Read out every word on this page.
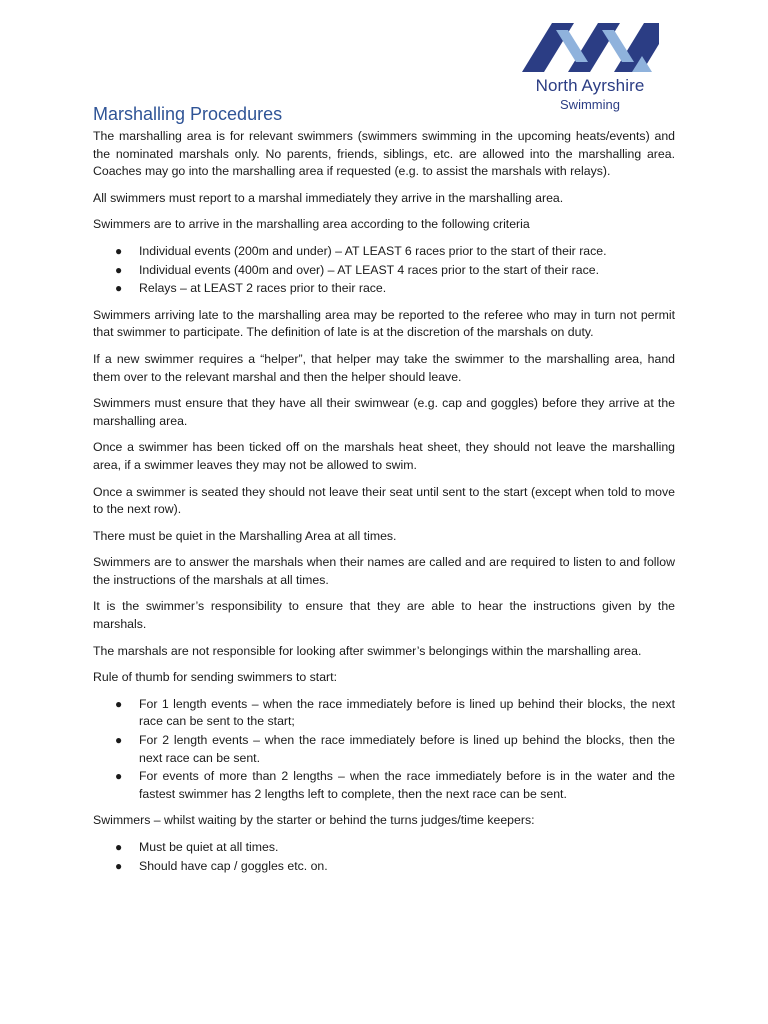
North Ayrshire
Swimming
Marshalling Procedures

The marshalling area is for relevant swimmers (swimmers swimming in the upcoming heats/events) and the nominated marshals only. No parents, friends, siblings, etc. are allowed into the marshalling area. Coaches may go into the marshalling area if requested (e.g. to assist the marshals with relays).

All swimmers must report to a marshal immediately they arrive in the marshalling area.

Swimmers are to arrive in the marshalling area according to the following criteria

● Individual events (200m and under) – AT LEAST 6 races prior to the start of their race.
● Individual events (400m and over) – AT LEAST 4 races prior to the start of their race.
● Relays – at LEAST 2 races prior to their race.

Swimmers arriving late to the marshalling area may be reported to the referee who may in turn not permit that swimmer to participate. The definition of late is at the discretion of the marshals on duty.

If a new swimmer requires a “helper”, that helper may take the swimmer to the marshalling area, hand them over to the relevant marshal and then the helper should leave.

Swimmers must ensure that they have all their swimwear (e.g. cap and goggles) before they arrive at the marshalling area.

Once a swimmer has been ticked off on the marshals heat sheet, they should not leave the marshalling area, if a swimmer leaves they may not be allowed to swim.

Once a swimmer is seated they should not leave their seat until sent to the start (except when told to move to the next row).

There must be quiet in the Marshalling Area at all times.

Swimmers are to answer the marshals when their names are called and are required to listen to and follow the instructions of the marshals at all times.

It is the swimmer’s responsibility to ensure that they are able to hear the instructions given by the marshals.

The marshals are not responsible for looking after swimmer’s belongings within the marshalling area.

Rule of thumb for sending swimmers to start:

● For 1 length events – when the race immediately before is lined up behind their blocks, the next race can be sent to the start;
● For 2 length events – when the race immediately before is lined up behind the blocks, then the next race can be sent.
● For events of more than 2 lengths – when the race immediately before is in the water and the fastest swimmer has 2 lengths left to complete, then the next race can be sent.

Swimmers – whilst waiting by the starter or behind the turns judges/time keepers:

● Must be quiet at all times.
● Should have cap / goggles etc. on.
